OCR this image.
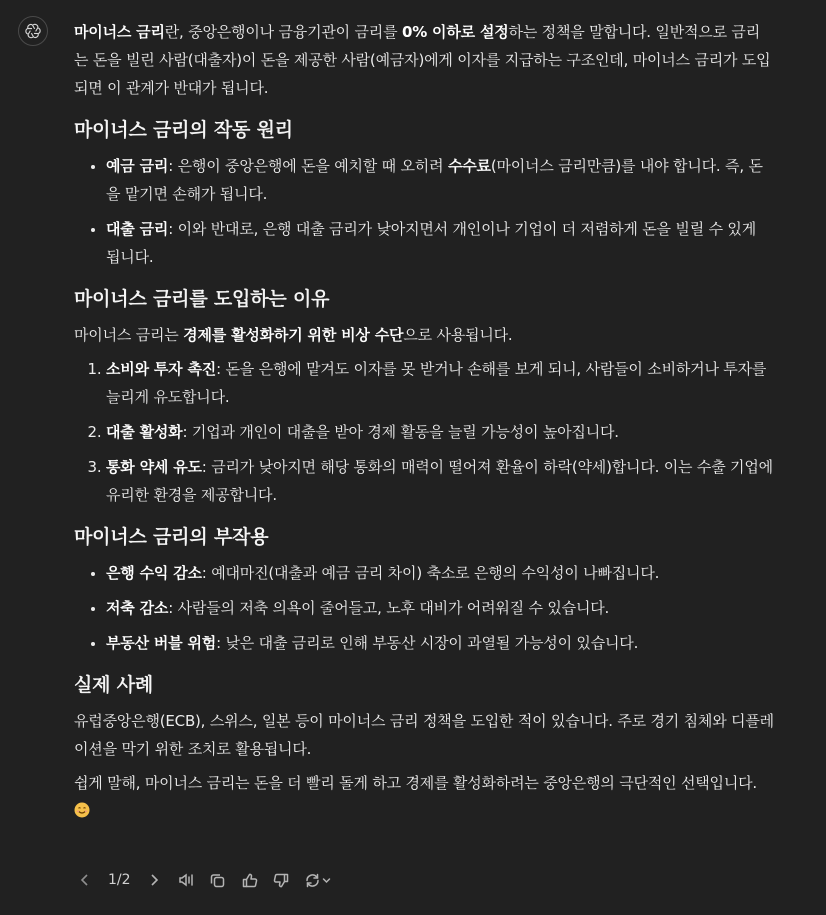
마이너스 금리란, 중앙은행이나 금융기관이 금리를 0% 이하로 설정하는 정책을 말합니다. 일반적으로 금리는 돈을 빌린 사람(대출자)이 돈을 제공한 사람(예금자)에게 이자를 지급하는 구조인데, 마이너스 금리가 도입되면 이 관계가 반대가 됩니다.

마이너스 금리의 작동 원리
• 예금 금리: 은행이 중앙은행에 돈을 예치할 때 오히려 수수료(마이너스 금리만큼)를 내야 합니다. 즉, 돈을 맡기면 손해가 됩니다.
• 대출 금리: 이와 반대로, 은행 대출 금리가 낮아지면서 개인이나 기업이 더 저렴하게 돈을 빌릴 수 있게 됩니다.
마이너스 금리를 도입하는 이유

마이너스 금리는 경제를 활성화하기 위한 비상 수단으로 사용됩니다.

1. 소비와 투자 촉진: 돈을 은행에 맡겨도 이자를 못 받거나 손해를 보게 되니, 사람들이 소비하거나 투자를 늘리게 유도합니다.
2. 대출 활성화: 기업과 개인이 대출을 받아 경제 활동을 늘릴 가능성이 높아집니다.
3. 통화 약세 유도: 금리가 낮아지면 해당 통화의 매력이 떨어져 환율이 하락(약세)합니다. 이는 수출 기업에 유리한 환경을 제공합니다.
마이너스 금리의 부작용
• 은행 수익 감소: 예대마진(대출과 예금 금리 차이) 축소로 은행의 수익성이 나빠집니다.
• 저축 감소: 사람들의 저축 의욕이 줄어들고, 노후 대비가 어려워질 수 있습니다.
• 부동산 버블 위험: 낮은 대출 금리로 인해 부동산 시장이 과열될 가능성이 있습니다.
실제 사례

유럽중앙은행(ECB), 스위스, 일본 등이 마이너스 금리 정책을 도입한 적이 있습니다. 주로 경기 침체와 디플레이션을 막기 위한 조치로 활용됩니다.

쉽게 말해, 마이너스 금리는 돈을 더 빨리 돌게 하고 경제를 활성화하려는 중앙은행의 극단적인 선택입니다.

1/2
